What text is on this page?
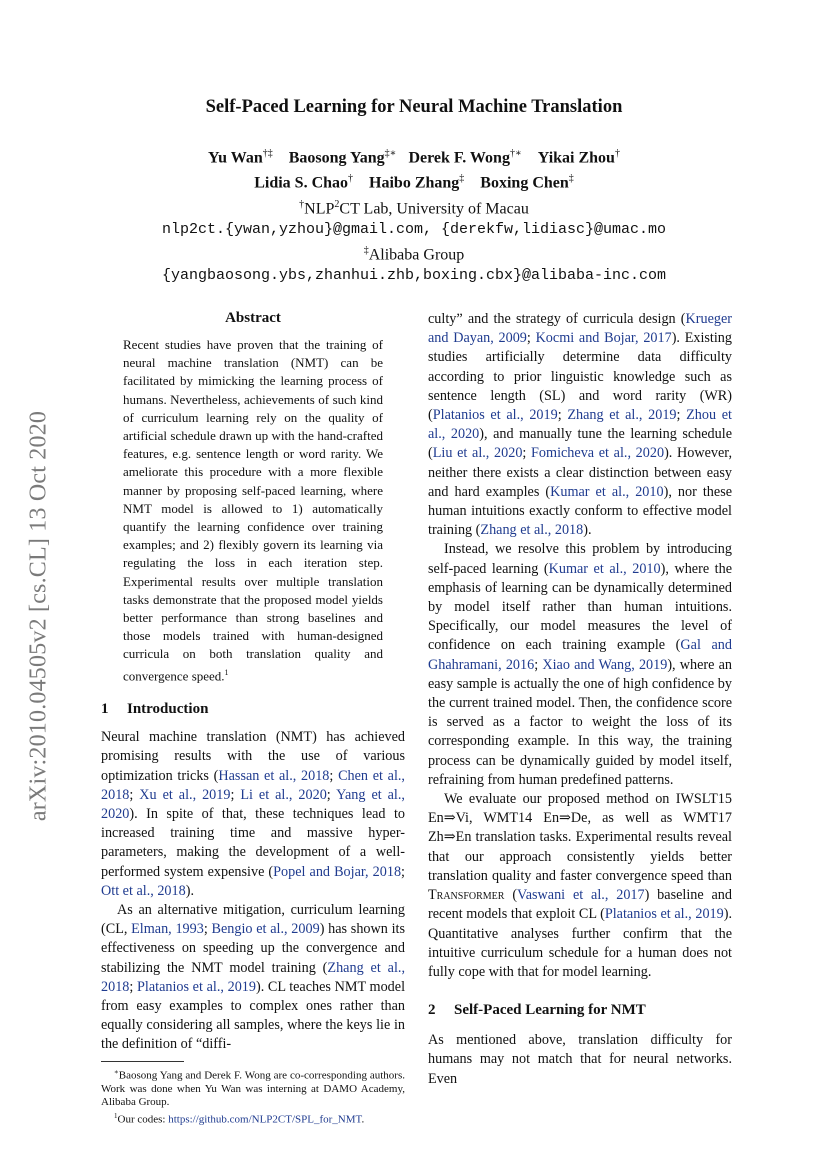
arXiv:2010.04505v2 [cs.CL] 13 Oct 2020
Self-Paced Learning for Neural Machine Translation
Yu Wan†‡ Baosong Yang‡∗ Derek F. Wong†∗ Yikai Zhou†
Lidia S. Chao† Haibo Zhang‡ Boxing Chen‡
†NLP$^2$CT Lab, University of Macau
nlp2ct.{ywan,yzhou}@gmail.com, {derekfw,lidiasc}@umac.mo
‡Alibaba Group
{yangbaosong.ybs,zhanhui.zhb,boxing.cbx}@alibaba-inc.com
Abstract
Recent studies have proven that the training of neural machine translation (NMT) can be facilitated by mimicking the learning process of humans. Nevertheless, achievements of such kind of curriculum learning rely on the quality of artificial schedule drawn up with the hand-crafted features, e.g. sentence length or word rarity. We ameliorate this procedure with a more flexible manner by proposing self-paced learning, where NMT model is allowed to 1) automatically quantify the learning confidence over training examples; and 2) flexibly govern its learning via regulating the loss in each iteration step. Experimental results over multiple translation tasks demonstrate that the proposed model yields better performance than strong baselines and those models trained with human-designed curricula on both translation quality and convergence speed.$^1$
1 Introduction

Neural machine translation (NMT) has achieved promising results with the use of various optimization tricks (Hassan et al., 2018; Chen et al., 2018; Xu et al., 2019; Li et al., 2020; Yang et al., 2020). In spite of that, these techniques lead to increased training time and massive hyper-parameters, making the development of a well-performed system expensive (Popel and Bojar, 2018; Ott et al., 2018).

As an alternative mitigation, curriculum learning (CL, Elman, 1993; Bengio et al., 2009) has shown its effectiveness on speeding up the convergence and stabilizing the NMT model training (Zhang et al., 2018; Platanios et al., 2019). CL teaches NMT model from easy examples to complex ones rather than equally considering all samples, where the keys lie in the definition of “diffi-

∗Baosong Yang and Derek F. Wong are co-corresponding authors. Work was done when Yu Wan was interning at DAMO Academy, Alibaba Group.

$^1$Our codes: https://github.com/NLP2CT/SPL_for_NMT.

culty” and the strategy of curricula design (Krueger and Dayan, 2009; Kocmi and Bojar, 2017). Existing studies artificially determine data difficulty according to prior linguistic knowledge such as sentence length (SL) and word rarity (WR) (Platanios et al., 2019; Zhang et al., 2019; Zhou et al., 2020), and manually tune the learning schedule (Liu et al., 2020; Fomicheva et al., 2020). However, neither there exists a clear distinction between easy and hard examples (Kumar et al., 2010), nor these human intuitions exactly conform to effective model training (Zhang et al., 2018).

Instead, we resolve this problem by introducing self-paced learning (Kumar et al., 2010), where the emphasis of learning can be dynamically determined by model itself rather than human intuitions. Specifically, our model measures the level of confidence on each training example (Gal and Ghahramani, 2016; Xiao and Wang, 2019), where an easy sample is actually the one of high confidence by the current trained model. Then, the confidence score is served as a factor to weight the loss of its corresponding example. In this way, the training process can be dynamically guided by model itself, refraining from human predefined patterns.

We evaluate our proposed method on IWSLT15 En⇒Vi, WMT14 En⇒De, as well as WMT17 Zh⇒En translation tasks. Experimental results reveal that our approach consistently yields better translation quality and faster convergence speed than Transformer (Vaswani et al., 2017) baseline and recent models that exploit CL (Platanios et al., 2019). Quantitative analyses further confirm that the intuitive curriculum schedule for a human does not fully cope with that for model learning.

2 Self-Paced Learning for NMT

As mentioned above, translation difficulty for humans may not match that for neural networks. Even
